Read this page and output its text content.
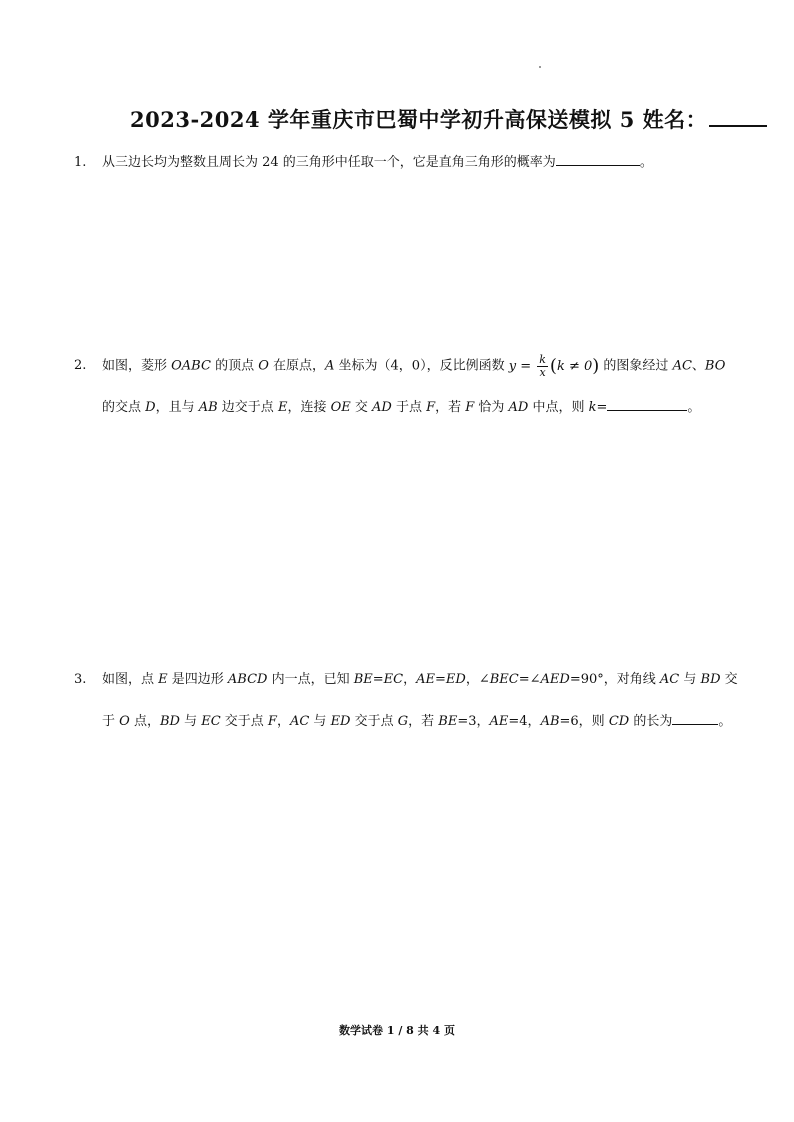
2023-2024 学年重庆市巴蜀中学初升高保送模拟 5 姓名：
1. 从三边长均为整数且周长为 24 的三角形中任取一个，它是直角三角形的概率为	。
2. 如图，菱形 OABC 的顶点 O 在原点，A 坐标为（4，0），反比例函数 $y = \frac{k}{x} (k \ne 0)$ 的图象经过 AC、BO
的交点 D，且与 AB 边交于点 E，连接 OE 交 AD 于点 F，若 F 恰为 AD 中点，则 k=	。
3. 如图，点 E 是四边形 ABCD 内一点，已知 BE=EC，AE=ED，∠BEC=∠AED=90°，对角线 AC 与 BD 交
于 O 点，BD 与 EC 交于点 F，AC 与 ED 交于点 G，若 BE=3，AE=4，AB=6，则 CD 的长为	。
数学试卷 1 / 8 共 4 页
